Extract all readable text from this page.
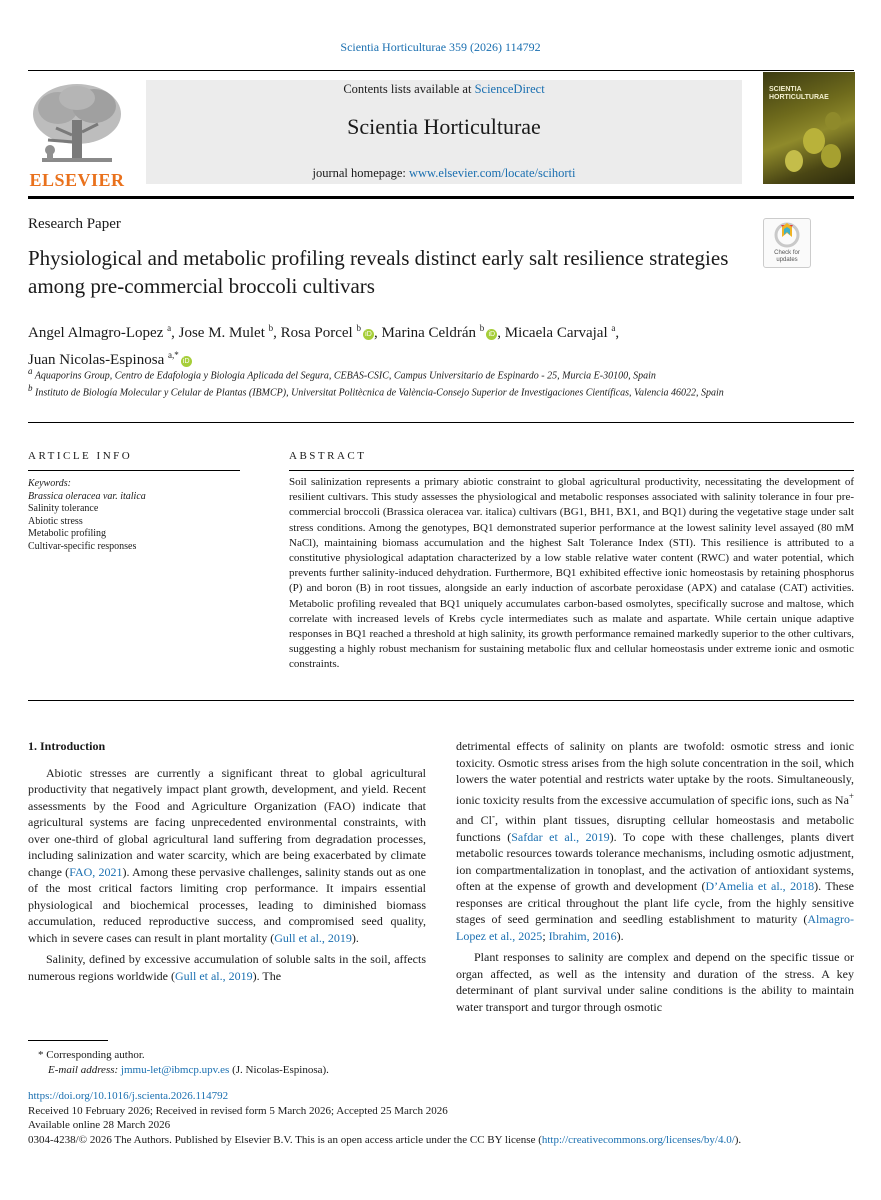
Scientia Horticulturae 359 (2026) 114792
ELSEVIER
Contents lists available at ScienceDirect
Scientia Horticulturae
journal homepage: www.elsevier.com/locate/scihorti
SCIENTIA HORTICULTURAE
Research Paper
Physiological and metabolic profiling reveals distinct early salt resilience strategies among pre-commercial broccoli cultivars
Check for updates
Angel Almagro-Lopez $^a$, Jose M. Mulet $^b$, Rosa Porcel $^b$iD , Marina Celdrán $^b$iD , Micaela Carvajal $^a$,
Juan Nicolas-Espinosa $^{a,*}$iD
$^a$ Aquaporins Group, Centro de Edafologia y Biologia Aplicada del Segura, CEBAS-CSIC, Campus Universitario de Espinardo - 25, Murcia E-30100, Spain
$^b$ Instituto de Biología Molecular y Celular de Plantas (IBMCP), Universitat Politècnica de València-Consejo Superior de Investigaciones Científicas, Valencia 46022, Spain
ARTICLE INFO
Keywords:
Brassica oleracea var. italica
Salinity tolerance
Abiotic stress
Metabolic profiling
Cultivar-specific responses
ABSTRACT
Soil salinization represents a primary abiotic constraint to global agricultural productivity, necessitating the development of resilient cultivars. This study assesses the physiological and metabolic responses associated with salinity tolerance in four pre-commercial broccoli (Brassica oleracea var. italica) cultivars (BG1, BH1, BX1, and BQ1) during the vegetative stage under salt stress conditions. Among the genotypes, BQ1 demonstrated superior performance at the lowest salinity level assayed (80 mM NaCl), maintaining biomass accumulation and the highest Salt Tolerance Index (STI). This resilience is attributed to a constitutive physiological adaptation characterized by a low stable relative water content (RWC) and water potential, which prevents further salinity-induced dehydration. Furthermore, BQ1 exhibited effective ionic homeostasis by retaining phosphorus (P) and boron (B) in root tissues, alongside an early induction of ascorbate peroxidase (APX) and catalase (CAT) activities. Metabolic profiling revealed that BQ1 uniquely accumulates carbon-based osmolytes, specifically sucrose and maltose, which correlate with increased levels of Krebs cycle intermediates such as malate and aspartate. While certain unique adaptive responses in BQ1 reached a threshold at high salinity, its growth performance remained markedly superior to the other cultivars, suggesting a highly robust mechanism for sustaining metabolic flux and cellular homeostasis under extreme ionic and osmotic constraints.
1. Introduction

Abiotic stresses are currently a significant threat to global agricultural productivity that negatively impact plant growth, development, and yield. Recent assessments by the Food and Agriculture Organization (FAO) indicate that agricultural systems are facing unprecedented environmental constraints, with over one-third of global agricultural land suffering from degradation processes, including salinization and water scarcity, which are being exacerbated by climate change (FAO, 2021). Among these pervasive challenges, salinity stands out as one of the most critical factors limiting crop performance. It impairs essential physiological and biochemical processes, leading to diminished biomass accumulation, reduced reproductive success, and compromised seed quality, which in severe cases can result in plant mortality (Gull et al., 2019).

Salinity, defined by excessive accumulation of soluble salts in the soil, affects numerous regions worldwide (Gull et al., 2019). The

detrimental effects of salinity on plants are twofold: osmotic stress and ionic toxicity. Osmotic stress arises from the high solute concentration in the soil, which lowers the water potential and restricts water uptake by the roots. Simultaneously, ionic toxicity results from the excessive accumulation of specific ions, such as Na+ and Cl-, within plant tissues, disrupting cellular homeostasis and metabolic functions (Safdar et al., 2019). To cope with these challenges, plants divert metabolic resources towards tolerance mechanisms, including osmotic adjustment, ion compartmentalization in tonoplast, and the activation of antioxidant systems, often at the expense of growth and development (D’Amelia et al., 2018). These responses are critical throughout the plant life cycle, from the highly sensitive stages of seed germination and seedling establishment to maturity (Almagro-Lopez et al., 2025; Ibrahim, 2016).

Plant responses to salinity are complex and depend on the specific tissue or organ affected, as well as the intensity and duration of the stress. A key determinant of plant survival under saline conditions is the ability to maintain water transport and turgor through osmotic

* Corresponding author.
E-mail address: jmmu-let@ibmcp.upv.es (J. Nicolas-Espinosa).
https://doi.org/10.1016/j.scienta.2026.114792
Received 10 February 2026; Received in revised form 5 March 2026; Accepted 25 March 2026
Available online 28 March 2026
0304-4238/© 2026 The Authors. Published by Elsevier B.V. This is an open access article under the CC BY license (http://creativecommons.org/licenses/by/4.0/).
